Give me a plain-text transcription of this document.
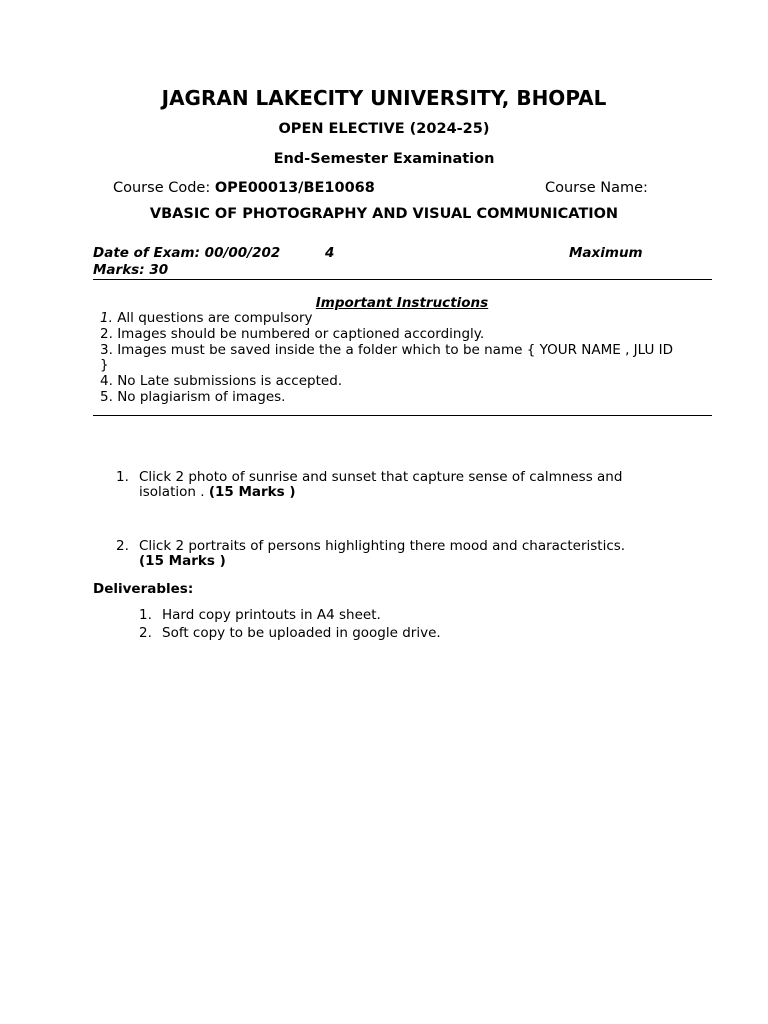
JAGRAN LAKECITY UNIVERSITY, BHOPAL
OPEN ELECTIVE (2024-25)
End-Semester Examination
Course Code: OPE00013/BE10068	Course Name:
VBASIC OF PHOTOGRAPHY AND VISUAL COMMUNICATION
Date of Exam: 00/00/202	4	Maximum
Marks: 30
Important Instructions
1. All questions are compulsory
2. Images should be numbered or captioned accordingly.
3. Images must be saved inside the a folder which to be name { YOUR NAME , JLU ID
}
4. No Late submissions is accepted.
5. No plagiarism of images.
1. Click 2 photo of sunrise and sunset that capture sense of calmness and
isolation . (15 Marks )
2. Click 2 portraits of persons highlighting there mood and characteristics.
(15 Marks )
Deliverables:
1. Hard copy printouts in A4 sheet.
2. Soft copy to be uploaded in google drive.
